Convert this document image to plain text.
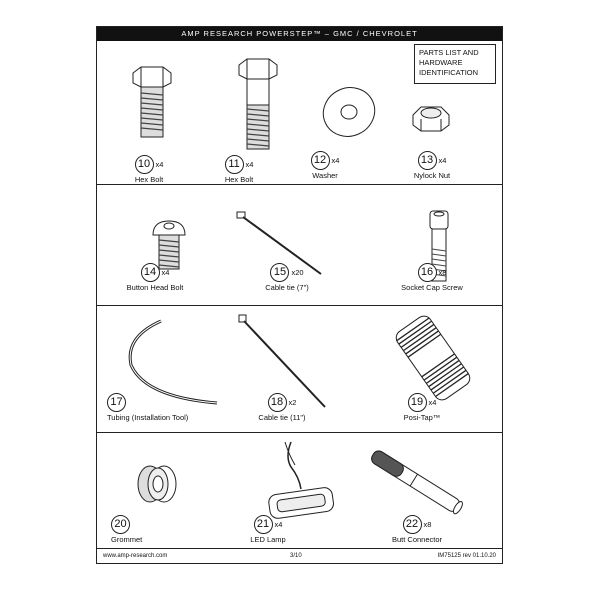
AMP RESEARCH POWERSTEP™ – GMC / CHEVROLET
PARTS LIST AND
HARDWARE
IDENTIFICATION
10 x4
Hex Bolt
11 x4
Hex Bolt
12 x4
Washer
13 x4
Nylock Nut
14 x4
Button Head Bolt
15 x20
Cable tie (7")
16 x8
Socket Cap Screw
17
Tubing (Installation Tool)
18 x2
Cable tie (11")
19 x4
Posi-Tap™
20
Grommet
21 x4
LED Lamp
22 x8
Butt Connector
www.amp-research.com	3/10	IM75125 rev 01.10.20
